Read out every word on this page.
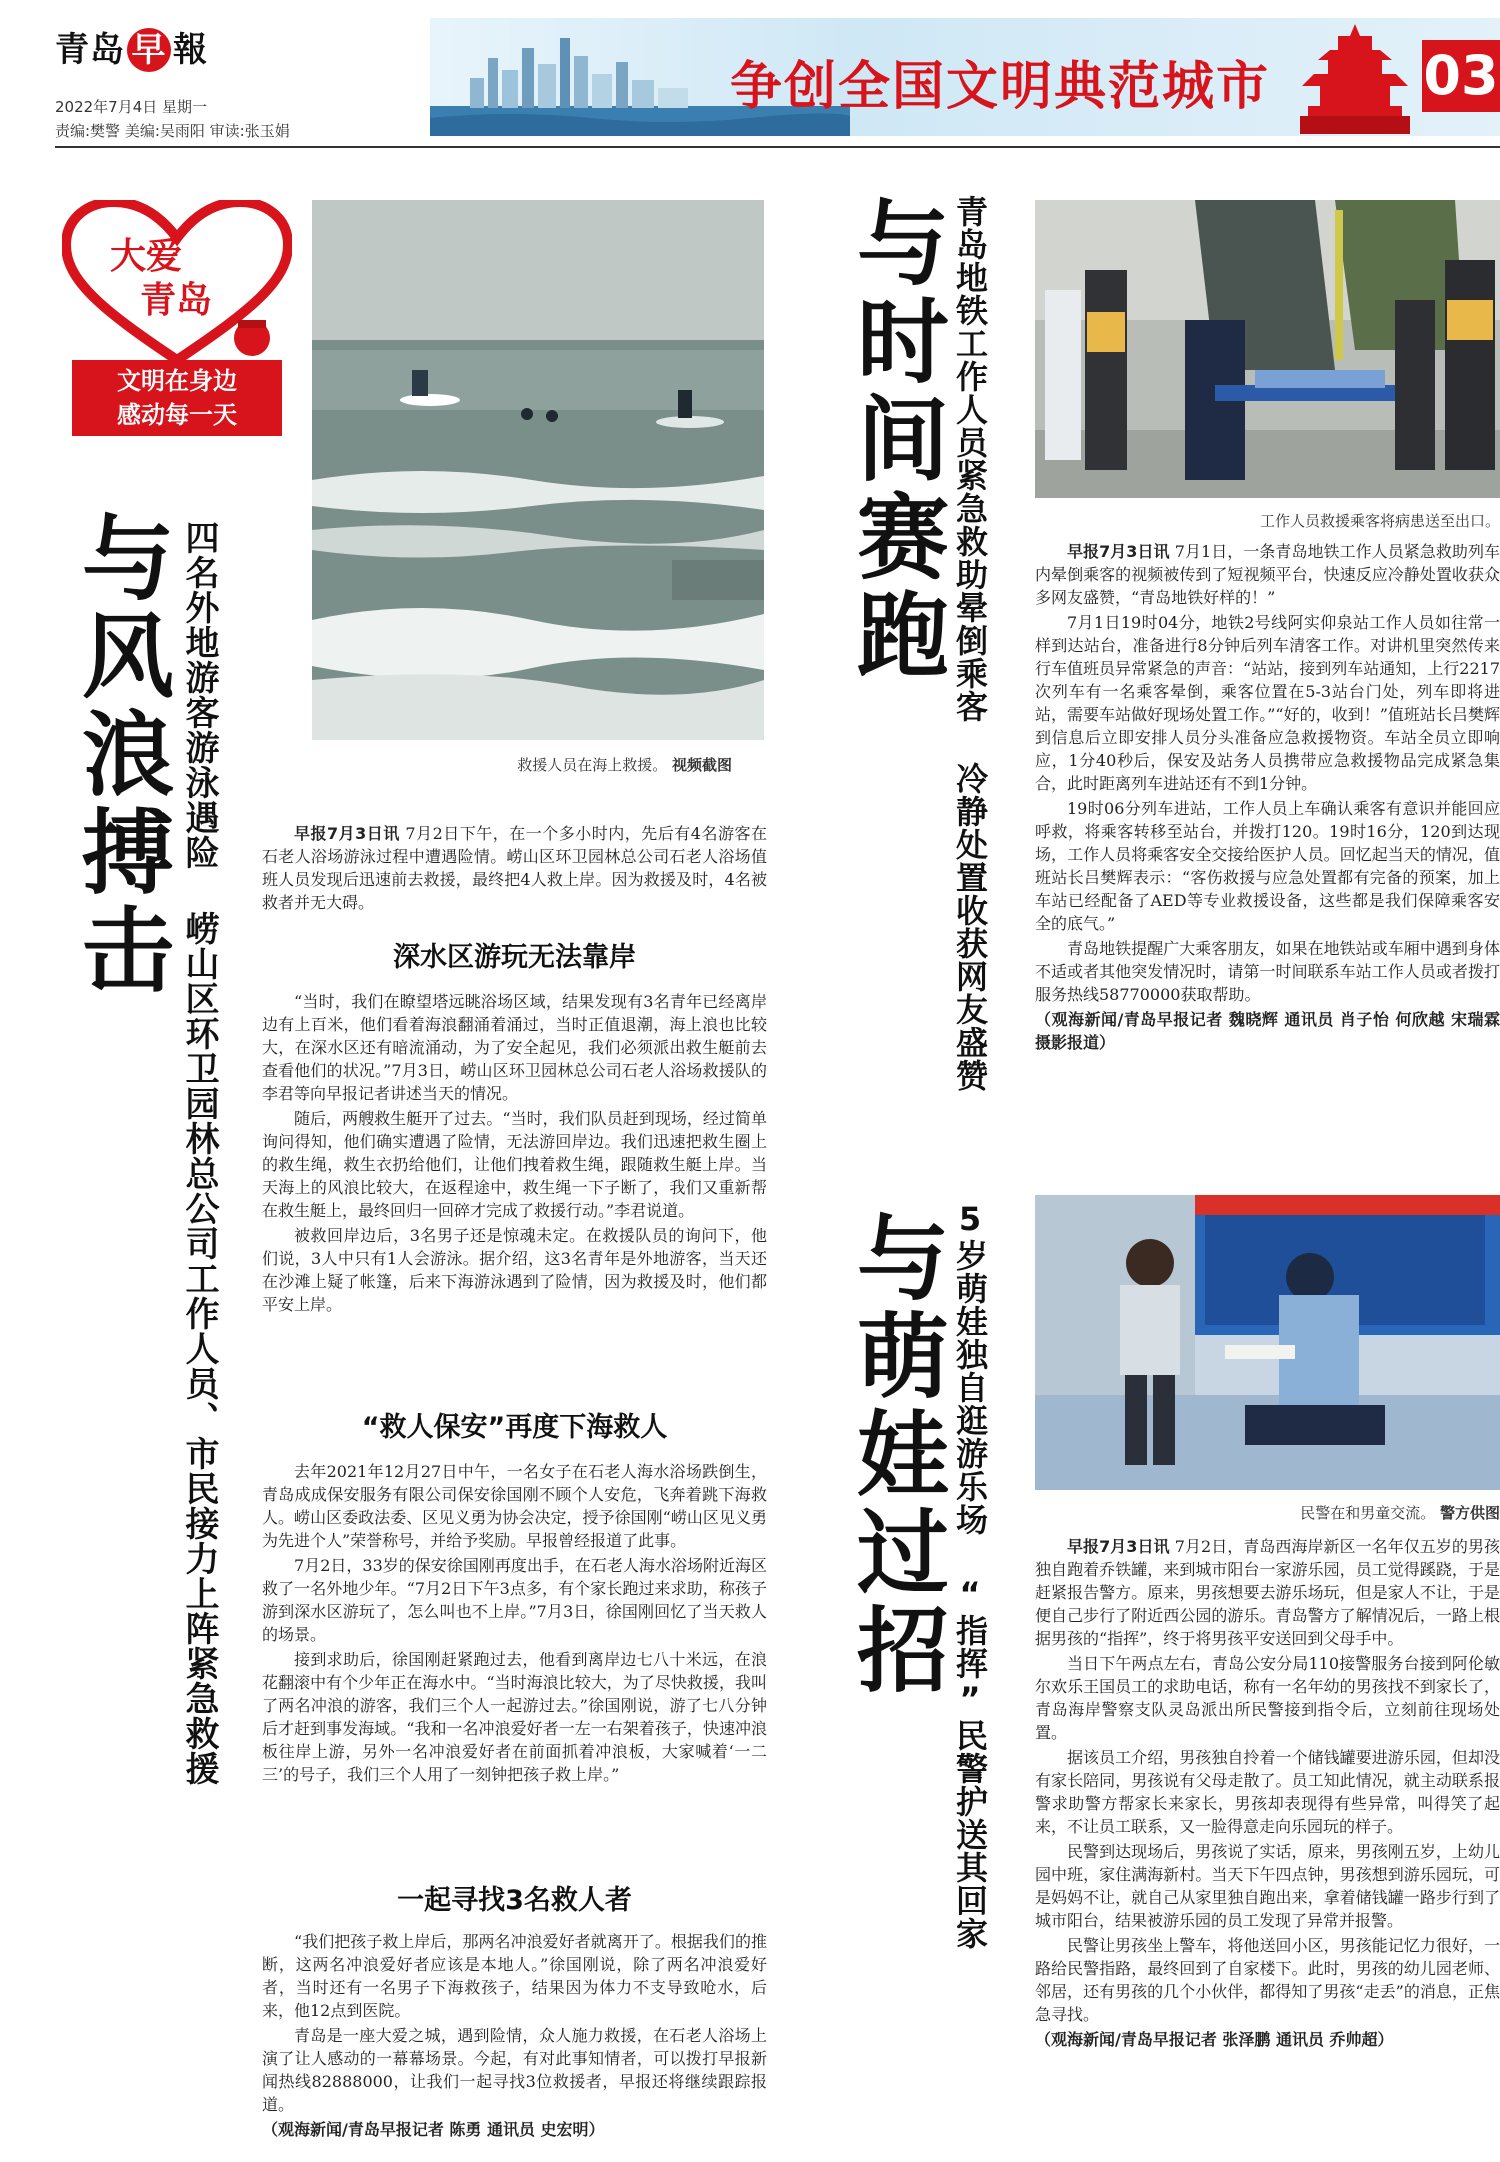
青岛 早 報
2022年7月4日 星期一
责编:樊警 美编:吴雨阳 审读:张玉娟
争创全国文明典范城市	03
大爱
青岛
文明在身边
感动每一天
与风浪搏击 四名外地游客游泳遇险 崂山区环卫园林总公司工作人员、市民接力上阵紧急救援	救援人员在海上救援。 视频截图

早报7月3日讯 7月2日下午，在一个多小时内，先后有4名游客在石老人浴场游泳过程中遭遇险情。崂山区环卫园林总公司石老人浴场值班人员发现后迅速前去救援，最终把4人救上岸。因为救援及时，4名被救者并无大碍。

深水区游玩无法靠岸

“当时，我们在瞭望塔远眺浴场区域，结果发现有3名青年已经离岸边有上百米，他们看着海浪翻涌着涌过，当时正值退潮，海上浪也比较大，在深水区还有暗流涌动，为了安全起见，我们必须派出救生艇前去查看他们的状况。”7月3日，崂山区环卫园林总公司石老人浴场救援队的李君等向早报记者讲述当天的情况。

随后，两艘救生艇开了过去。“当时，我们队员赶到现场，经过简单询问得知，他们确实遭遇了险情，无法游回岸边。我们迅速把救生圈上的救生绳，救生衣扔给他们，让他们拽着救生绳，跟随救生艇上岸。当天海上的风浪比较大，在返程途中，救生绳一下子断了，我们又重新帮在救生艇上，最终回归一回碎才完成了救援行动。”李君说道。

被救回岸边后，3名男子还是惊魂未定。在救援队员的询问下，他们说，3人中只有1人会游泳。据介绍，这3名青年是外地游客，当天还在沙滩上疑了帐篷，后来下海游泳遇到了险情，因为救援及时，他们都平安上岸。

“救人保安”再度下海救人

去年2021年12月27日中午，一名女子在石老人海水浴场跌倒生，青岛成成保安服务有限公司保安徐国刚不顾个人安危，飞奔着跳下海救人。崂山区委政法委、区见义勇为协会决定，授予徐国刚“崂山区见义勇为先进个人”荣誉称号，并给予奖励。早报曾经报道了此事。

7月2日，33岁的保安徐国刚再度出手，在石老人海水浴场附近海区救了一名外地少年。“7月2日下午3点多，有个家长跑过来求助，称孩子游到深水区游玩了，怎么叫也不上岸。”7月3日，徐国刚回忆了当天救人的场景。

接到求助后，徐国刚赶紧跑过去，他看到离岸边七八十米远，在浪花翻滚中有个少年正在海水中。“当时海浪比较大，为了尽快救援，我叫了两名冲浪的游客，我们三个人一起游过去。”徐国刚说，游了七八分钟后才赶到事发海域。“我和一名冲浪爱好者一左一右架着孩子，快速冲浪板往岸上游，另外一名冲浪爱好者在前面抓着冲浪板，大家喊着‘一二三’的号子，我们三个人用了一刻钟把孩子救上岸。”

一起寻找3名救人者

“我们把孩子救上岸后，那两名冲浪爱好者就离开了。根据我们的推断，这两名冲浪爱好者应该是本地人。”徐国刚说，除了两名冲浪爱好者，当时还有一名男子下海救孩子，结果因为体力不支导致呛水，后来，他12点到医院。

青岛是一座大爱之城，遇到险情，众人施力救援，在石老人浴场上演了让人感动的一幕幕场景。今起，有对此事知情者，可以拨打早报新闻热线82888000，让我们一起寻找3位救援者，早报还将继续跟踪报道。

（观海新闻/青岛早报记者 陈勇 通讯员 史宏明）

与时间赛跑 青岛地铁工作人员紧急救助晕倒乘客 冷静处置收获网友盛赞	工作人员救援乘客将病患送至出口。

早报7月3日讯 7月1日，一条青岛地铁工作人员紧急救助列车内晕倒乘客的视频被传到了短视频平台，快速反应冷静处置收获众多网友盛赞，“青岛地铁好样的！”

7月1日19时04分，地铁2号线阿实仰泉站工作人员如往常一样到达站台，准备进行8分钟后列车清客工作。对讲机里突然传来行车值班员异常紧急的声音：“站站，接到列车站通知，上行2217次列车有一名乘客晕倒，乘客位置在5-3站台门处，列车即将进站，需要车站做好现场处置工作。”“好的，收到！”值班站长吕樊辉到信息后立即安排人员分头准备应急救援物资。车站全员立即响应，1分40秒后，保安及站务人员携带应急救援物品完成紧急集合，此时距离列车进站还有不到1分钟。

19时06分列车进站，工作人员上车确认乘客有意识并能回应呼救，将乘客转移至站台，并拨打120。19时16分，120到达现场，工作人员将乘客安全交接给医护人员。回忆起当天的情况，值班站长吕樊辉表示：“客伤救援与应急处置都有完备的预案，加上车站已经配备了AED等专业救援设备，这些都是我们保障乘客安全的底气。”

青岛地铁提醒广大乘客朋友，如果在地铁站或车厢中遇到身体不适或者其他突发情况时，请第一时间联系车站工作人员或者拨打服务热线58770000获取帮助。

（观海新闻/青岛早报记者 魏晓辉 通讯员 肖子怡 何欣越 宋瑞霖 摄影报道）

与萌娃过招 5岁萌娃独自逛游乐场 “指挥”民警护送其回家	民警在和男童交流。 警方供图

早报7月3日讯 7月2日，青岛西海岸新区一名年仅五岁的男孩独自跑着乔铁罐，来到城市阳台一家游乐园，员工觉得蹊跷，于是赶紧报告警方。原来，男孩想要去游乐场玩，但是家人不让，于是便自己步行了附近西公园的游乐。青岛警方了解情况后，一路上根据男孩的“指挥”，终于将男孩平安送回到父母手中。

当日下午两点左右，青岛公安分局110接警服务台接到阿伦敏尔欢乐王国员工的求助电话，称有一名年幼的男孩找不到家长了，青岛海岸警察支队灵岛派出所民警接到指令后，立刻前往现场处置。

据该员工介绍，男孩独自拎着一个储钱罐要进游乐园，但却没有家长陪同，男孩说有父母走散了。员工知此情况，就主动联系报警求助警方帮家长来家长，男孩却表现得有些异常，叫得笑了起来，不让员工联系，又一脸得意走向乐园玩的样子。

民警到达现场后，男孩说了实话，原来，男孩刚五岁，上幼儿园中班，家住满海新村。当天下午四点钟，男孩想到游乐园玩，可是妈妈不让，就自己从家里独自跑出来，拿着储钱罐一路步行到了城市阳台，结果被游乐园的员工发现了异常并报警。

民警让男孩坐上警车，将他送回小区，男孩能记忆力很好，一路给民警指路，最终回到了自家楼下。此时，男孩的幼儿园老师、邻居，还有男孩的几个小伙伴，都得知了男孩“走丢”的消息，正焦急寻找。

（观海新闻/青岛早报记者 张泽鹏 通讯员 乔帅超）
